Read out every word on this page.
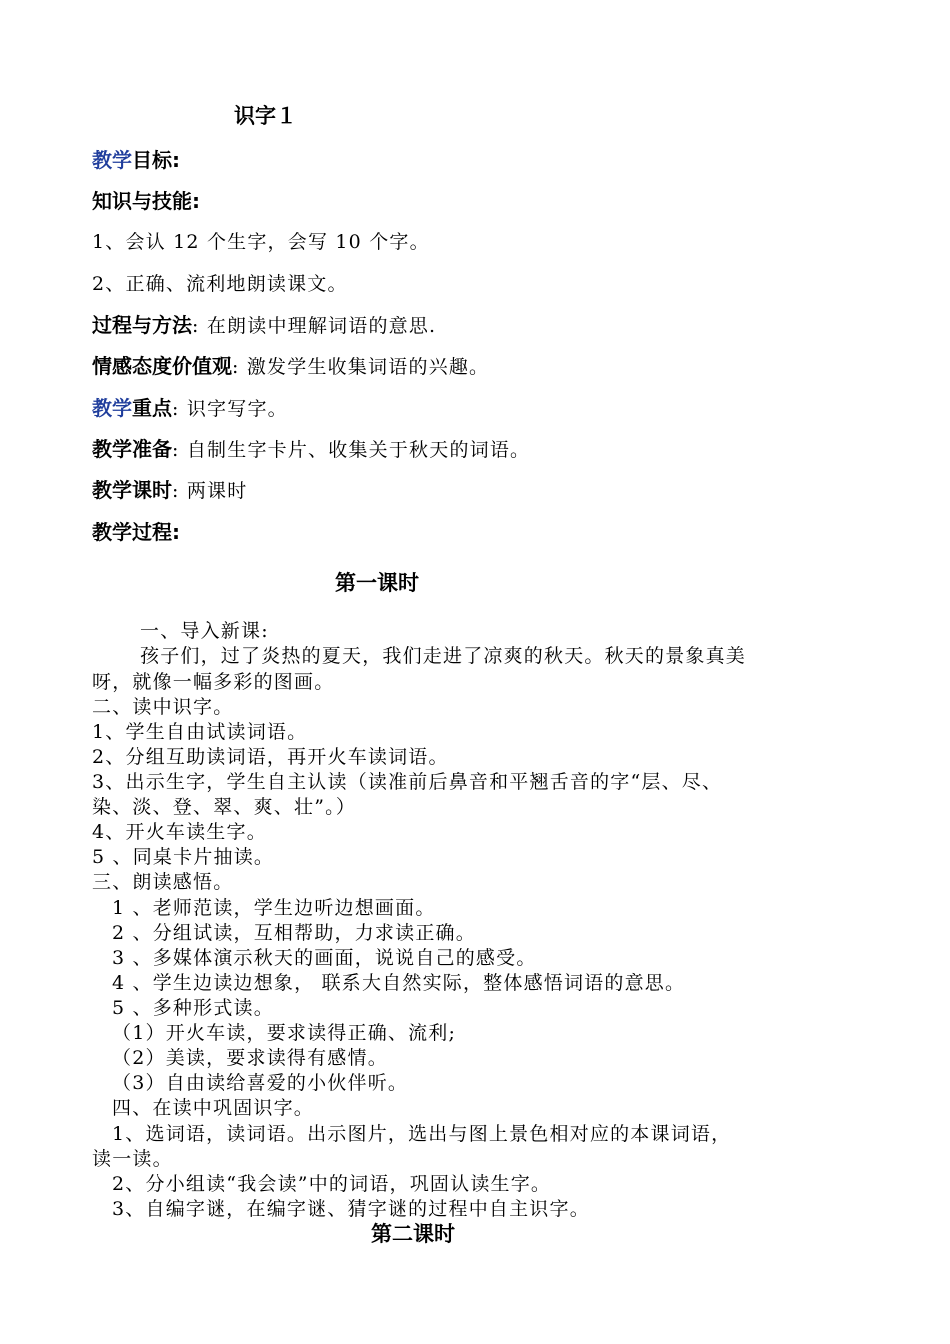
识字１
教学目标:
知识与技能:
1、会认 12 个生字，会写 10 个字。
2、正确、流利地朗读课文。
过程与方法: 在朗读中理解词语的意思.
情感态度价值观: 激发学生收集词语的兴趣。
教学重点: 识字写字。
教学准备: 自制生字卡片、收集关于秋天的词语。
教学课时: 两课时
教学过程:
第一课时
一、导入新课:
孩子们，过了炎热的夏天，我们走进了凉爽的秋天。秋天的景象真美
呀，就像一幅多彩的图画。
二、读中识字。
1、学生自由试读词语。
2、分组互助读词语，再开火车读词语。
3、出示生字，学生自主认读（读准前后鼻音和平翘舌音的字“层、尽、
染、淡、登、翠、爽、壮”。）
4、开火车读生字。
5 、同桌卡片抽读。
三、朗读感悟。
1 、老师范读，学生边听边想画面。
2 、分组试读，互相帮助，力求读正确。
3 、多媒体演示秋天的画面，说说自己的感受。
4 、学生边读边想象， 联系大自然实际，整体感悟词语的意思。
5 、多种形式读。
（1）开火车读，要求读得正确、流利;
（2）美读，要求读得有感情。
（3）自由读给喜爱的小伙伴听。
四、在读中巩固识字。
1、选词语，读词语。出示图片，选出与图上景色相对应的本课词语，
读一读。
2、分小组读“我会读”中的词语，巩固认读生字。
3、自编字谜，在编字谜、猜字谜的过程中自主识字。
第二课时
